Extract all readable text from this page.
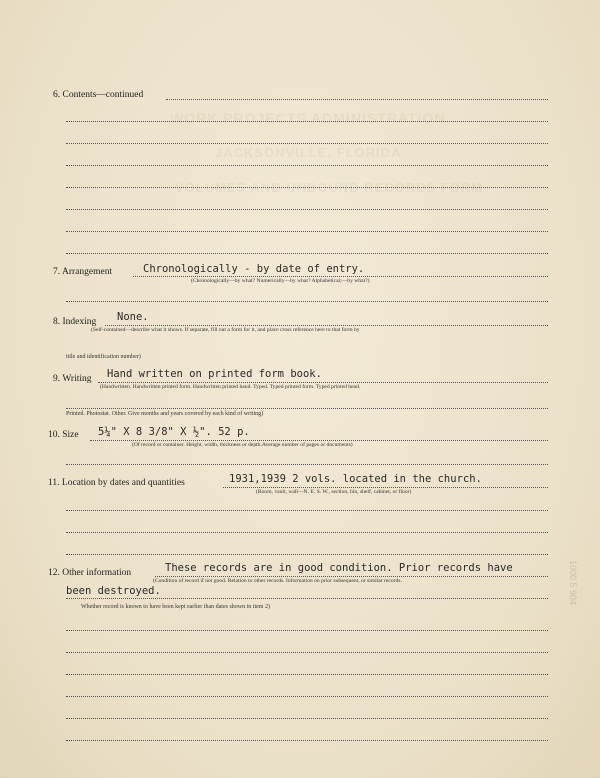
WORK PROJECTS ADMINISTRATION
JACKSONVILLE, FLORIDA
VOLUMES AND UNBOUND RECORDS FORM
1000 5 904
6. Contents—continued
7. Arrangement	Chronologically - by date of entry.
(Chronologically—by what? Numerically—by what? Alphabetical;—by what?)
8. Indexing None.
(Self-contained—describe what it shows. If separate, fill out a form for it, and place cross reference here to that form by
title and identification number)
9. Writing Hand written on printed form book.
(Handwritten. Handwritten printed form. Handwritten printed hand. Typed. Typed printed form. Typed printed head.
Printed. Photostat. Other. Give months and years covered by each kind of writing)
10. Size 5¼" X 8 3/8" X ½". 52 p.
(Of record or container. Height, width, thickness or depth.Average number of pages or documents)
11. Location by dates and quantities	1931,1939 2 vols. located in the church.
(Room, vault, wall—N. E. S. W., section, bin, shelf, cabinet, or floor)
12. Other information	These records are in good condition. Prior records have
(Condition of record if not good. Relation to other records. Information on prior subsequent, or similar records.
been destroyed.
Whether record is known to have been kept earlier than dates shown in item 2)
